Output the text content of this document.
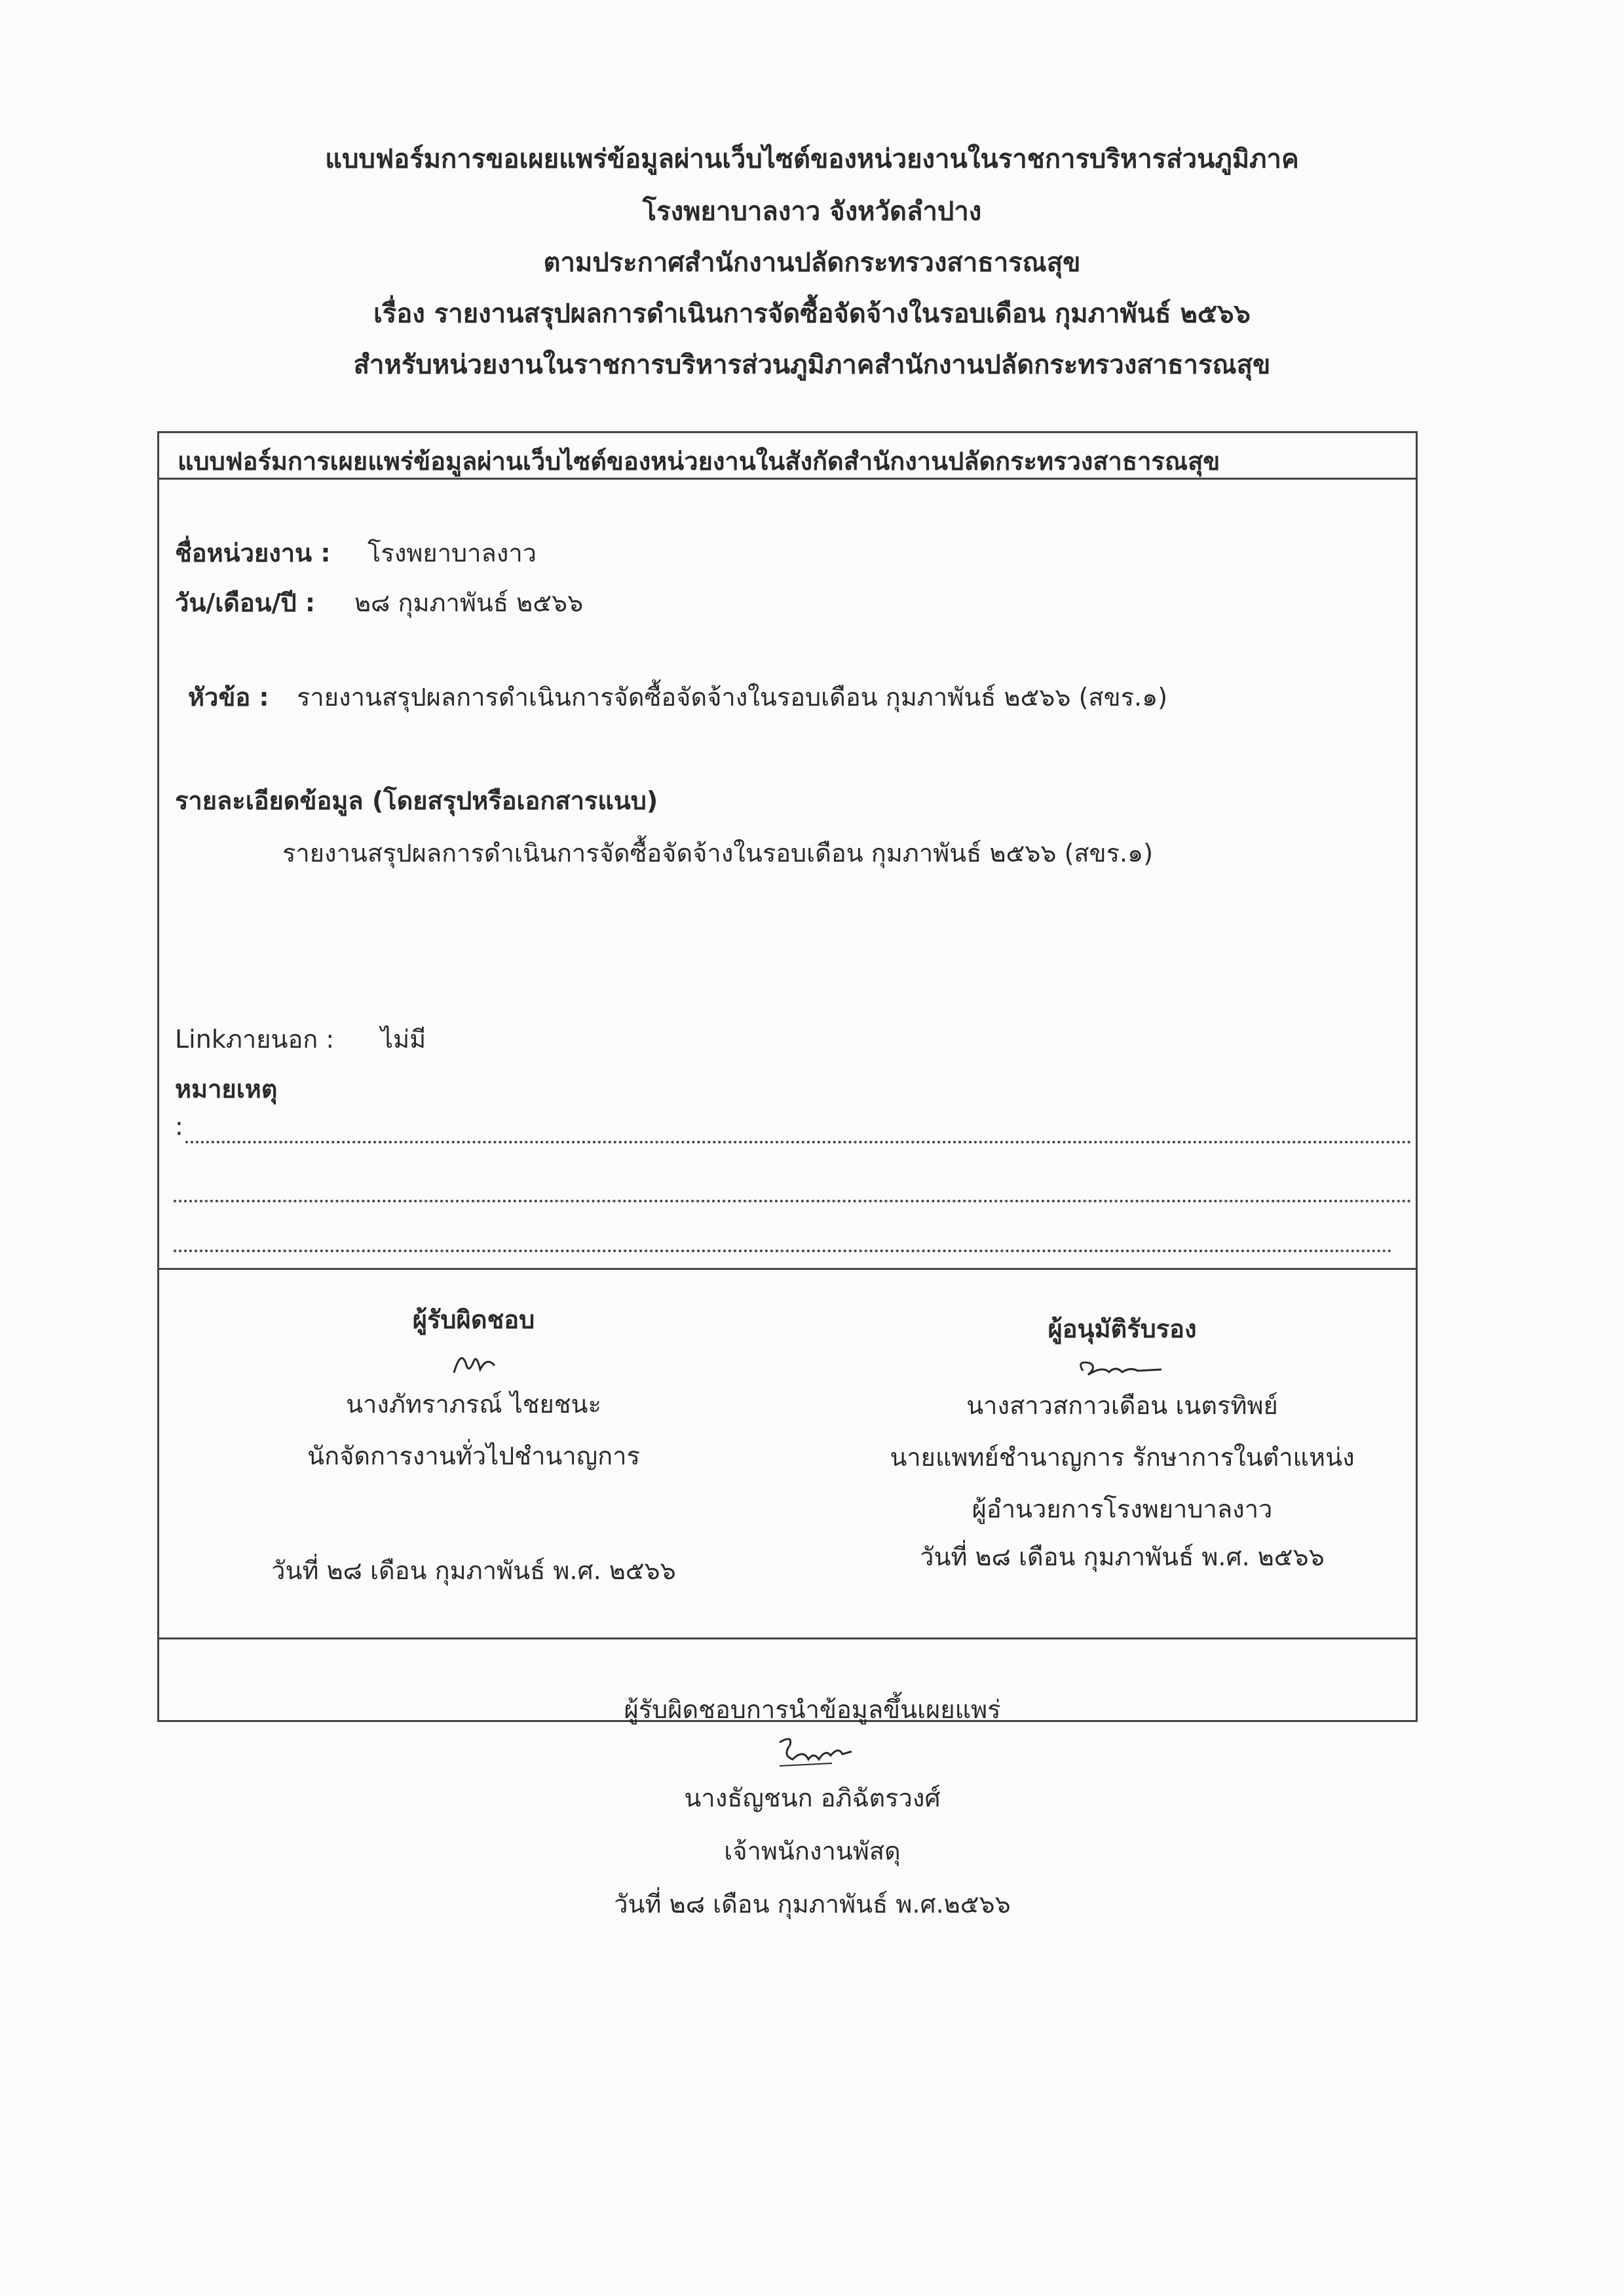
แบบฟอร์มการขอเผยแพร่ข้อมูลผ่านเว็บไซต์ของหน่วยงานในราชการบริหารส่วนภูมิภาค
โรงพยาบาลงาว จังหวัดลำปาง
ตามประกาศสำนักงานปลัดกระทรวงสาธารณสุข
เรื่อง รายงานสรุปผลการดำเนินการจัดซื้อจัดจ้างในรอบเดือน กุมภาพันธ์ ๒๕๖๖
สำหรับหน่วยงานในราชการบริหารส่วนภูมิภาคสำนักงานปลัดกระทรวงสาธารณสุข
แบบฟอร์มการเผยแพร่ข้อมูลผ่านเว็บไซต์ของหน่วยงานในสังกัดสำนักงานปลัดกระทรวงสาธารณสุข
ชื่อหน่วยงาน : โรงพยาบาลงาว
วัน/เดือน/ปี : ๒๘ กุมภาพันธ์ ๒๕๖๖
หัวข้อ : รายงานสรุปผลการดำเนินการจัดซื้อจัดจ้างในรอบเดือน กุมภาพันธ์ ๒๕๖๖ (สขร.๑)
รายละเอียดข้อมูล (โดยสรุปหรือเอกสารแนบ)
รายงานสรุปผลการดำเนินการจัดซื้อจัดจ้างในรอบเดือน กุมภาพันธ์ ๒๕๖๖ (สขร.๑)
Linkภายนอก : ไม่มี
หมายเหตุ
:
ผู้รับผิดชอบ
นางภัทราภรณ์ ไชยชนะ
นักจัดการงานทั่วไปชำนาญการ
วันที่ ๒๘ เดือน กุมภาพันธ์ พ.ศ. ๒๕๖๖
ผู้อนุมัติรับรอง
นางสาวสกาวเดือน เนตรทิพย์
นายแพทย์ชำนาญการ รักษาการในตำแหน่ง
ผู้อำนวยการโรงพยาบาลงาว
วันที่ ๒๘ เดือน กุมภาพันธ์ พ.ศ. ๒๕๖๖
ผู้รับผิดชอบการนำข้อมูลขึ้นเผยแพร่
นางธัญชนก อภิฉัตรวงศ์
เจ้าพนักงานพัสดุ
วันที่ ๒๘ เดือน กุมภาพันธ์ พ.ศ.๒๕๖๖
